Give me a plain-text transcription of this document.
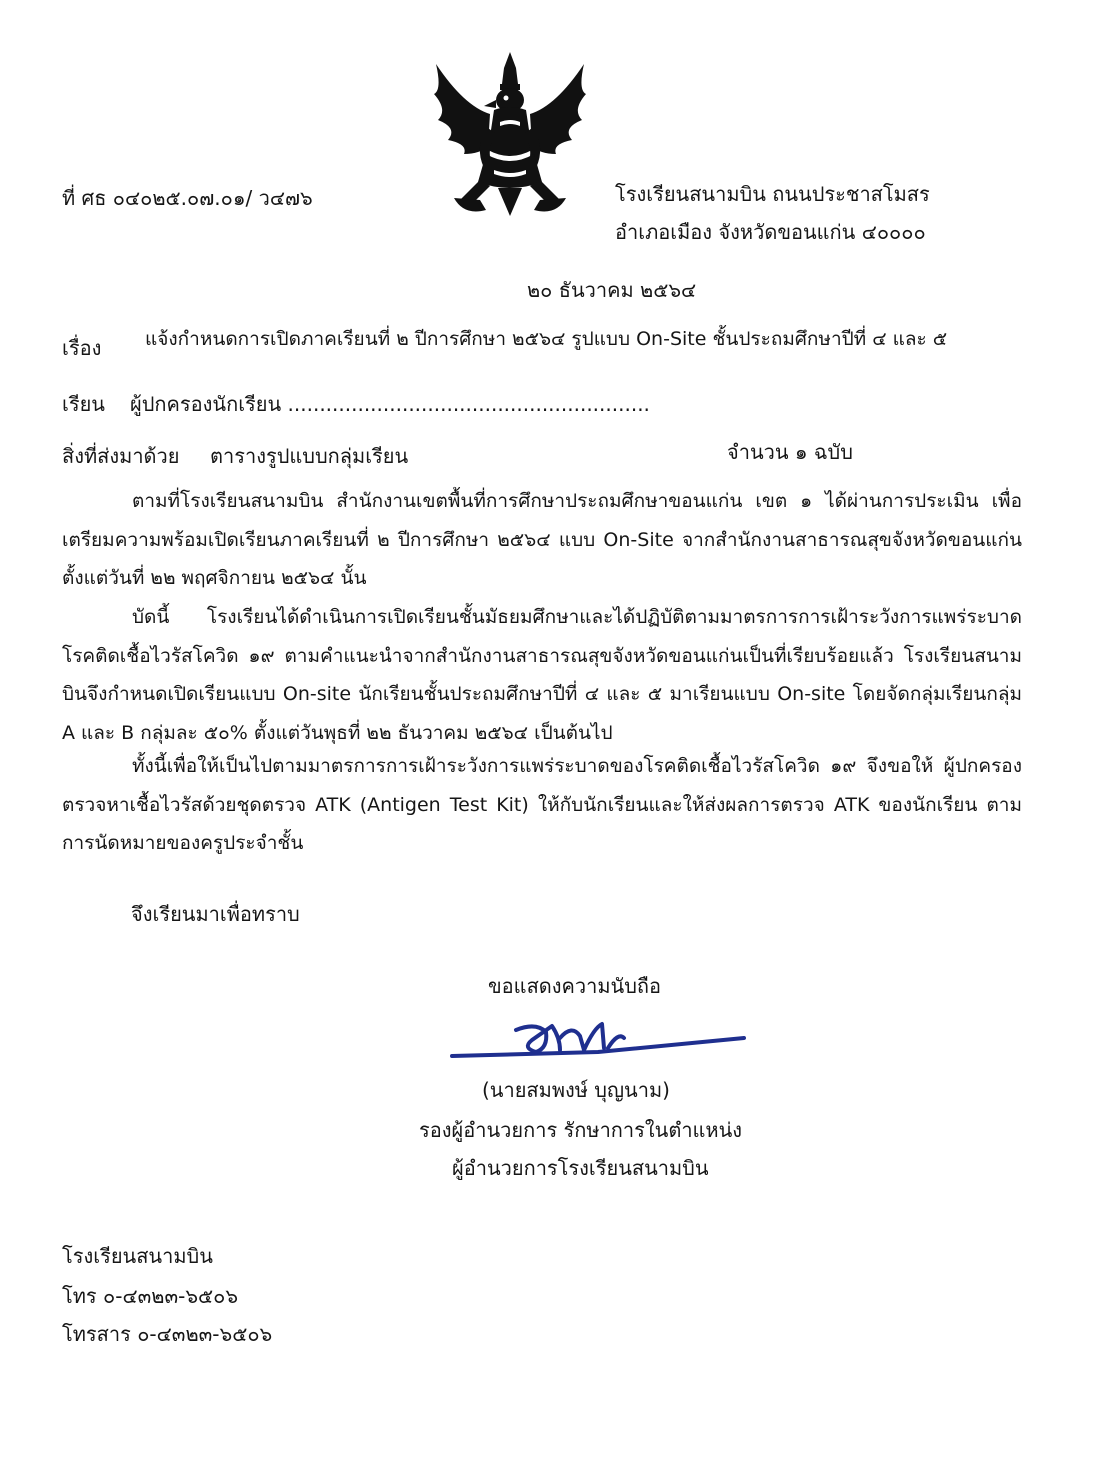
ที่ ศธ ๐๔๐๒๕.๐๗.๐๑/ ว๔๗๖	โรงเรียนสนามบิน ถนนประชาสโมสร
อำเภอเมือง จังหวัดขอนแก่น ๔๐๐๐๐
๒๐ ธันวาคม ๒๕๖๔
เรื่อง แจ้งกำหนดการเปิดภาคเรียนที่ ๒ ปีการศึกษา ๒๕๖๔ รูปแบบ On-Site ชั้นประถมศึกษาปีที่ ๔ และ ๕
เรียน ผู้ปกครองนักเรียน .........................................................
สิ่งที่ส่งมาด้วย ตารางรูปแบบกลุ่มเรียน	จำนวน ๑ ฉบับ
ตามที่โรงเรียนสนามบิน สำนักงานเขตพื้นที่การศึกษาประถมศึกษาขอนแก่น เขต ๑ ได้ผ่านการประเมิน เพื่อเตรียมความพร้อมเปิดเรียนภาคเรียนที่ ๒ ปีการศึกษา ๒๕๖๔ แบบ On-Site จากสำนักงานสาธารณสุขจังหวัดขอนแก่น ตั้งแต่วันที่ ๒๒ พฤศจิกายน ๒๕๖๔ นั้น
บัดนี้ โรงเรียนได้ดำเนินการเปิดเรียนชั้นมัธยมศึกษาและได้ปฏิบัติตามมาตรการการเฝ้าระวังการแพร่ระบาดโรคติดเชื้อไวรัสโควิด ๑๙ ตามคำแนะนำจากสำนักงานสาธารณสุขจังหวัดขอนแก่นเป็นที่เรียบร้อยแล้ว โรงเรียนสนามบินจึงกำหนดเปิดเรียนแบบ On-site นักเรียนชั้นประถมศึกษาปีที่ ๔ และ ๕ มาเรียนแบบ On-site โดยจัดกลุ่มเรียนกลุ่ม A และ B กลุ่มละ ๕๐% ตั้งแต่วันพุธที่ ๒๒ ธันวาคม ๒๕๖๔ เป็นต้นไป
ทั้งนี้เพื่อให้เป็นไปตามมาตรการการเฝ้าระวังการแพร่ระบาดของโรคติดเชื้อไวรัสโควิด ๑๙ จึงขอให้ ผู้ปกครองตรวจหาเชื้อไวรัสด้วยชุดตรวจ ATK (Antigen Test Kit) ให้กับนักเรียนและให้ส่งผลการตรวจ ATK ของนักเรียน ตามการนัดหมายของครูประจำชั้น
จึงเรียนมาเพื่อทราบ
ขอแสดงความนับถือ
(นายสมพงษ์ บุญนาม)
รองผู้อำนวยการ รักษาการในตำแหน่ง
ผู้อำนวยการโรงเรียนสนามบิน
โรงเรียนสนามบิน
โทร ๐-๔๓๒๓-๖๕๐๖
โทรสาร ๐-๔๓๒๓-๖๕๐๖
